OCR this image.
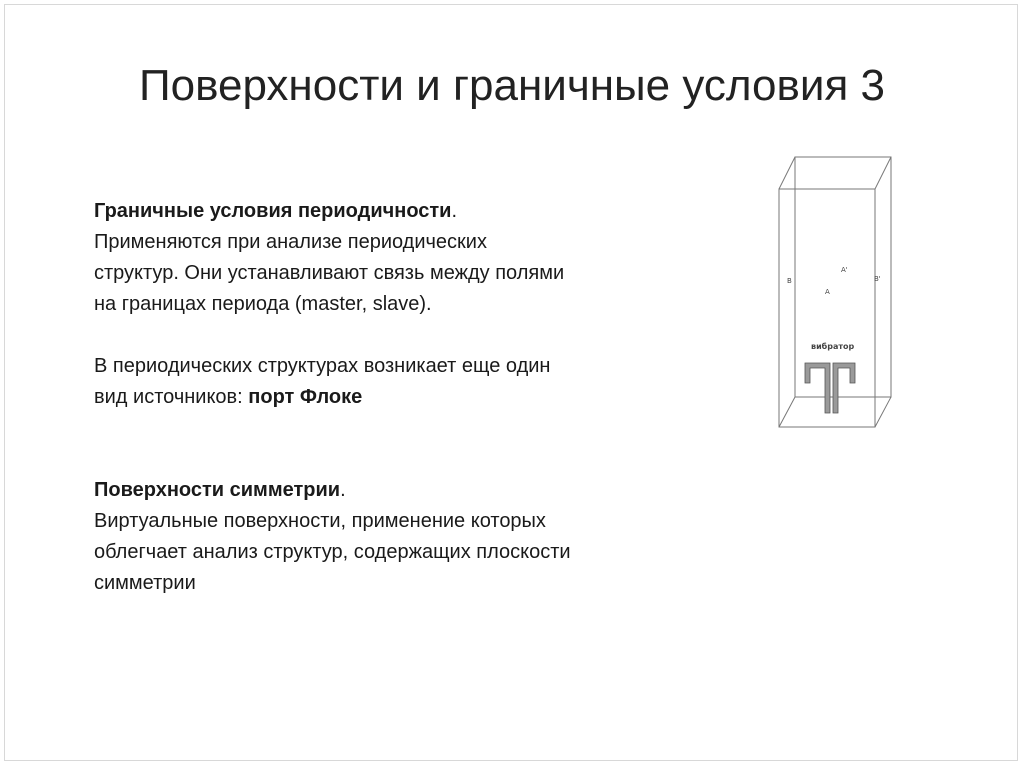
Поверхности и граничные условия 3

Граничные условия периодичности.
Применяются при анализе периодических
структур. Они устанавливают связь между полями
на границах периода (master, slave).

В периодических структурах возникает еще один
вид источников: порт Флоке

Поверхности симметрии.
Виртуальные поверхности, применение которых
облегчает анализ структур, содержащих плоскости
симметрии

B
A'
A
B'
вибратор
